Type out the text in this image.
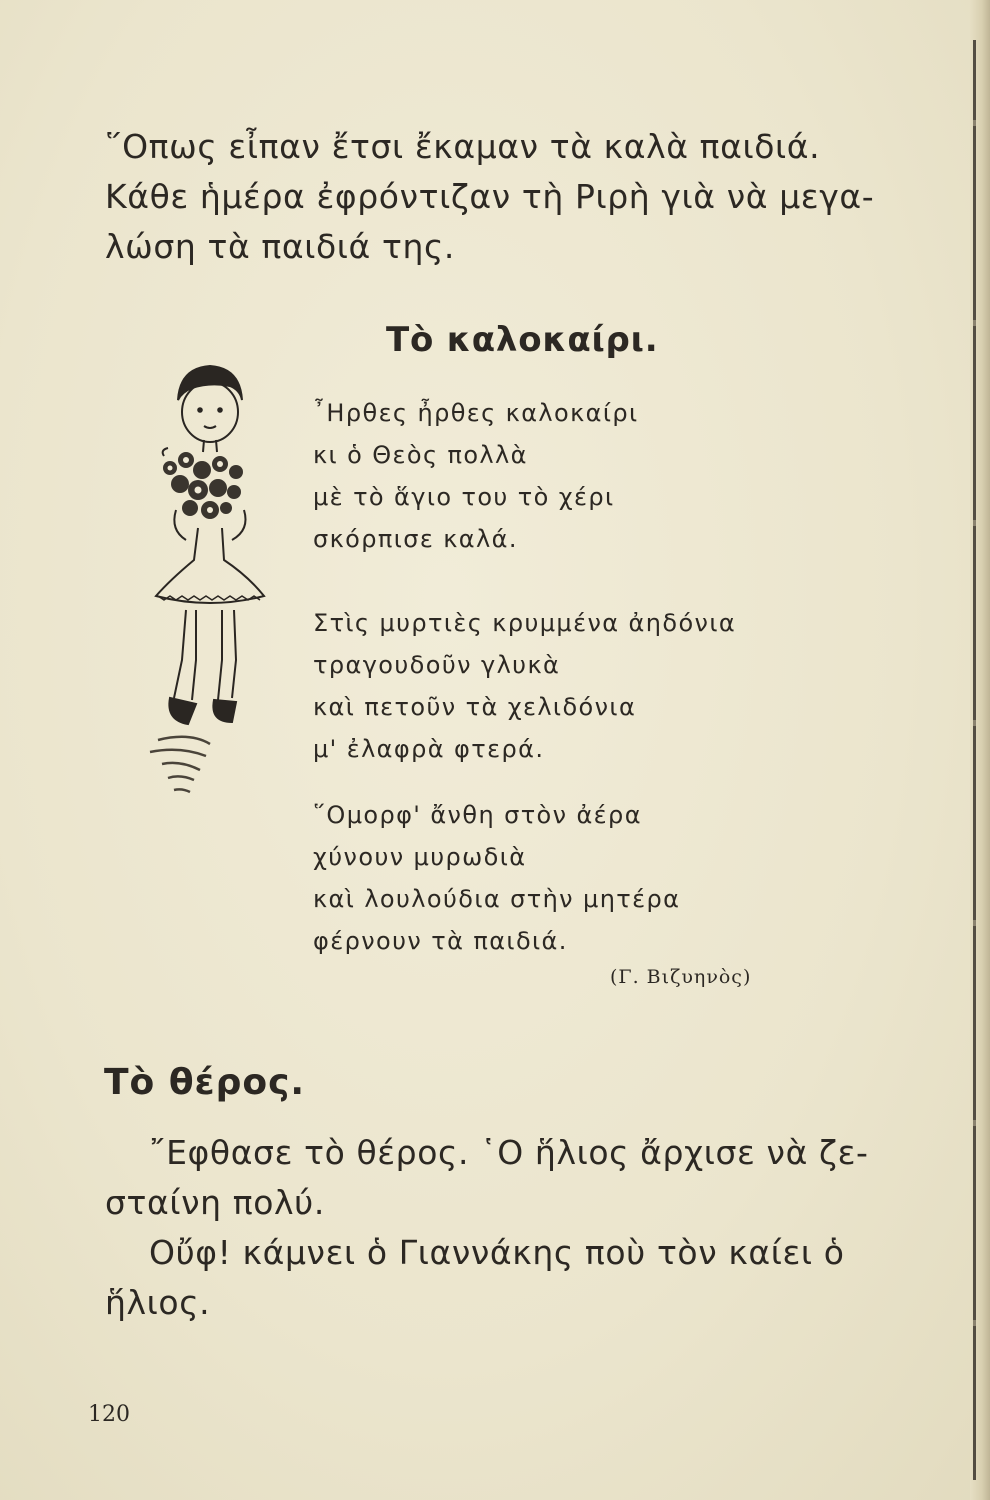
῞Οπως εἶπαν ἔτσι ἔκαμαν τὰ καλὰ παιδιά.
Κάθε ἡμέρα ἐφρόντιζαν τὴ Ριρὴ γιὰ νὰ μεγα-
λώση τὰ παιδιά της.
Τὸ καλοκαίρι.
῏Ηρθες ἦρθες καλοκαίρι
κι ὁ Θεὸς πολλὰ
μὲ τὸ ἅγιο του τὸ χέρι
σκόρπισε καλά.
Στὶς μυρτιὲς κρυμμένα ἀηδόνια
τραγουδοῦν γλυκὰ
καὶ πετοῦν τὰ χελιδόνια
μ' ἐλαφρὰ φτερά.
῞Ομορφ' ἄνθη στὸν ἀέρα
χύνουν μυρωδιὰ
καὶ λουλούδια στὴν μητέρα
φέρνουν τὰ παιδιά.
(Γ. Βιζυηνὸς)
Τὸ θέρος.
῎Εφθασε τὸ θέρος. ῾Ο ἥλιος ἄρχισε νὰ ζε-
σταίνη πολύ.
Οὔφ! κάμνει ὁ Γιαννάκης ποὺ τὸν καίει ὁ
ἥλιος.
120
